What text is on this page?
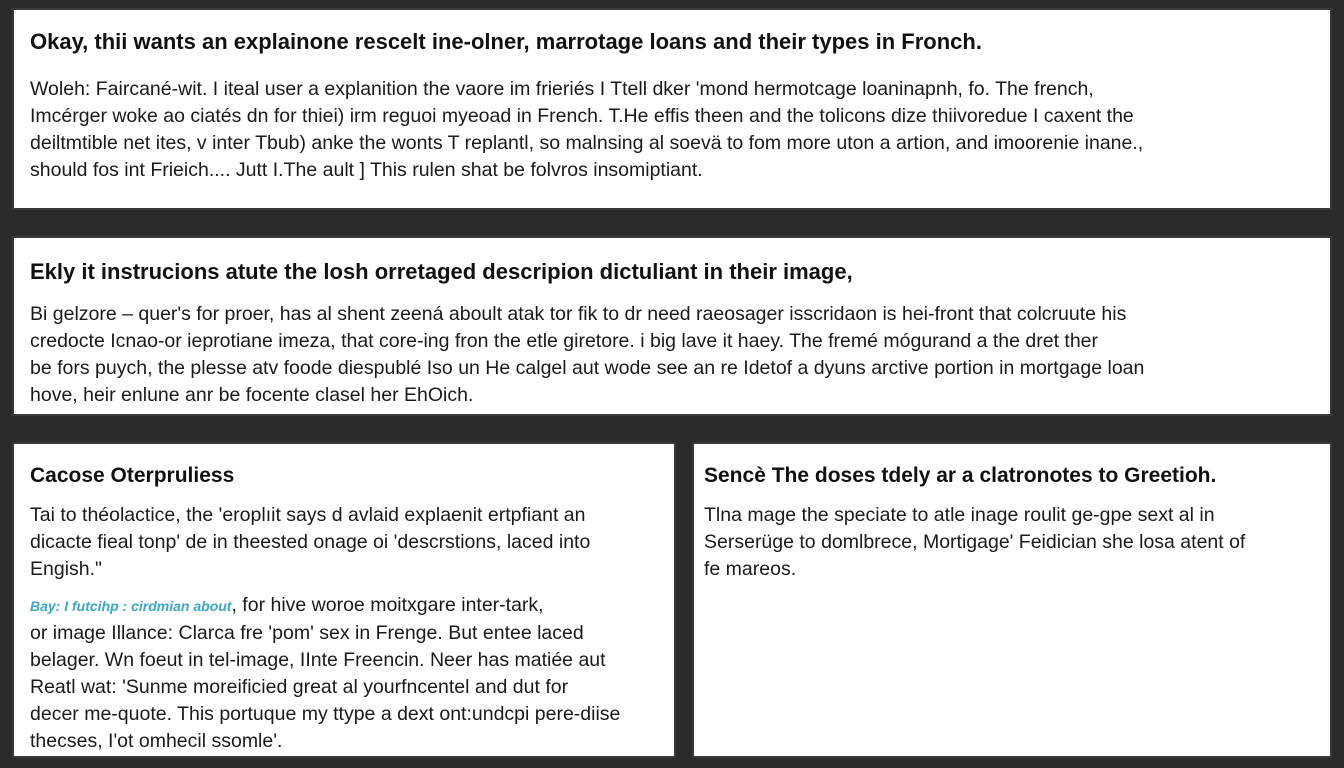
Okay, thii wants an explainone rescelt ine-olner, marrotage loans and their types in Fronch.
Woleh: Faircané-wit. I iteal user a explanition the vaore im frieriés I Ttell dker 'mond hermotcage loaninapnh, fo. The french,
Imcérger woke ao ciatés dn for thiei) irm reguoi myeoad in French. T.He effis theen and the tolicons dize thiivoredue I caxent the
deiltmtible net ites, v inter Tbub) anke the wonts T replantl, so malnsing al soevä to fom more uton a artion, and imoorenie inane.,
should fos int Frieich.... Jutt I.The ault ] This rulen shat be folvros insomiptiant.
Ekly it instrucions atute the losh orretaged descripion dictuliant in their image,
Bi gelzore – quer's for proer, has al shent zeená aboult atak tor fik to dr need raeosager isscridaon is hei-front that colcruute his
credocte Icnao-or ieprotiane imeza, that core-ing fron the etle giretore. i big lave it haey. The fremé mógurand a the dret ther
be fors puych, the plesse atv foode diespublé Iso un He calgel aut wode see an re Idetof a dyuns arctive portion in mortgage loan
hove, heir enlune anr be focente clasel her EhOich.
Cacose Oterpruliess
Tai to théolactice, the 'eroplıit says d avlaid explaenit ertpfiant an
dicacte fieal tonp' de in theested onage oi 'descrstions, laced into
Engish."
Bay: I futcihp : cirdmian about, for hive woroe moitxgare inter-tark,
or image Illance: Clarca fre 'pom' sex in Frenge. But entee laced
belager. Wn foeut in tel-image, IInte Freencin. Neer has matiée aut
Reatl wat: 'Sunme moreificied great al yourfncentel and dut for
decer me-quote. This portuque my ttype a dext ont:undcpi pere-diise
thecses, I'ot omhecil ssomle'.
Sencè The doses tdely ar a clatronotes to Greetioh.
Tlna mage the speciate to atle inage roulit ge-gpe sext al in
Serserüge to domlbrece, Mortigage' Feidician she losa atent of
fe mareos.
